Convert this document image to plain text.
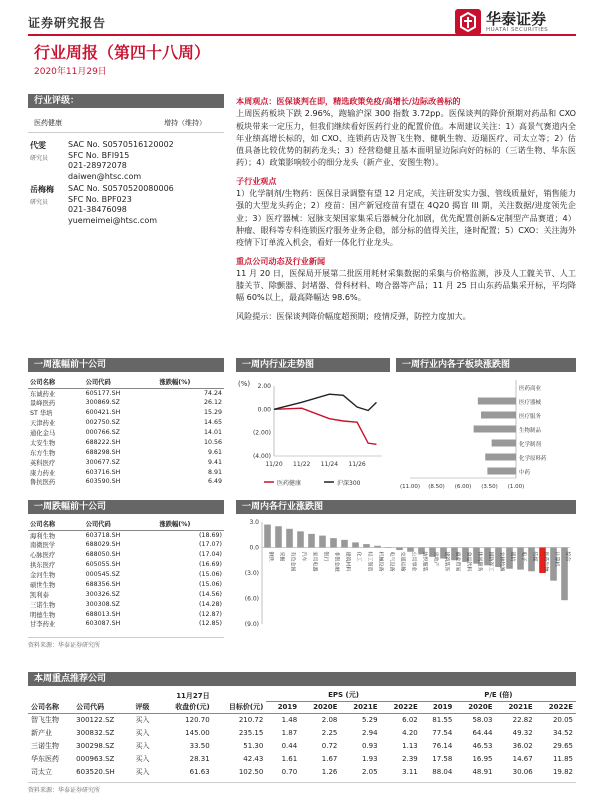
证券研究报告	华泰证券
HUATAI SECURITIES
行业周报（第四十八周）
2020年11月29日
行业评级：
医药健康	增持（维持）
代雯
研究员
SAC No. S0570516120002
SFC No. BFI915
021-28972078
daiwen@htsc.com
岳梅梅
研究员
SAC No. S0570520080006
SFC No. BPF023
021-38476098
yuemeimei@htsc.com
本周观点：医保谈判在即，精选政策免疫/高增长/边际改善标的
上周医药板块下跌 2.96%，跑输沪深 300 指数 3.72pp。医保谈判的降价预期对药品和 CXO 板块带来一定压力，但我们继续看好医药行业的配置价值。本周建议关注：1）高景气赛道内全年业绩高增长标的，如 CXO、连锁药店及智飞生物、健帆生物、迈瑞医疗、司太立等；2）估值具备比较优势的制药龙头；3）经营稳健且基本面明显边际向好的标的（三诺生物、华东医药）；4）政策影响较小的细分龙头（新产业、安图生物）。
子行业观点
1）化学制剂/生物药：医保目录调整有望 12 月定成，关注研发实力强、管线质量好，销售能力强的大型龙头药企；2）疫苗：国产新冠疫苗有望在 4Q20 揭盲 III 期，关注数据/进度领先企业；3）医疗器械：冠脉支架国家集采后器械分化加剧，优先配置创新&定制型产品赛道；4）肿瘤、眼科等专科连锁医疗服务业务企稳，部分标的值得关注，逢时配置；5）CXO：关注海外疫情下订单流入机会，看好一体化行业龙头。
重点公司动态及行业新闻
11 月 20 日，医保局开展第二批医用耗材采集数据的采集与价格监测，涉及人工髋关节、人工膝关节、除颤器、封堵器、骨科材料、吻合器等产品；11 月 25 日山东药品集采开标，平均降幅 60%以上，最高降幅达 98.6%。
风险提示：医保谈判降价幅度超预期；疫情反弹，防控力度加大。
一周涨幅前十公司
公司名称	公司代码	涨跌幅(%)
东诚药业	605177.SH	74.24
景峰医药	300869.SZ	26.12
ST 华培	600421.SH	15.29
天津药业	002750.SZ	14.65
通化金马	000766.SZ	14.01
太安生物	688222.SH	10.56
东方生物	688298.SH	9.61
英科医疗	300677.SZ	9.41
康力药业	603716.SH	8.91
鲁抗医药	603590.SH	6.49
一周跌幅前十公司
公司名称	公司代码	涨跌幅(%)
海利生物	603718.SH	(18.69)
南微医学	688029.SH	(17.07)
心脉医疗	688050.SH	(17.04)
拱东医疗	605055.SH	(16.69)
金河生物	000545.SZ	(15.06)
硕世生物	688356.SH	(15.06)
凯利泰	300326.SZ	(14.56)
三诺生物	300308.SZ	(14.28)
明德生物	688013.SH	(12.87)
甘李药业	603087.SH	(12.85)
资料来源：华泰证券研究所
一周内行业走势图
(%)
医药健康	沪深300
2.00
0.00
(2.00)
(4.00)
11/20 11/22 11/24 11/26
一周行业内各子板块涨跌图
医药商业
医疗器械
医疗服务
生物制品
化学制剂
化学原料药
中药
(11.00) (8.50) (6.00) (3.50) (1.00)
一周内各行业涨跌图
3.0
0.0
(3.0)
(6.0)
(9.0)
钢铁 采掘 有色金属 汽车 家用电器 银行 非银金融 建筑材料 化工 轻工制造 机械设备 电气设备 交通运输 公用事业 纺织服装 房地产 建筑装饰 商业贸易 食品饮料 休闲服务 国防军工 农林牧渔 通信 电子 传媒 医药生物 计算机 综合
本周重点推荐公司
			11月27日		EPS (元)				P/E (倍)			
公司名称	公司代码	评级	收盘价(元)	目标价(元)	2019	2020E	2021E	2022E	2019	2020E	2021E	2022E
智飞生物	300122.SZ	买入	120.70	210.72	1.48	2.08	5.29	6.02	81.55	58.03	22.82	20.05
新产业	300832.SZ	买入	145.00	235.15	1.87	2.25	2.94	4.20	77.54	64.44	49.32	34.52
三诺生物	300298.SZ	买入	33.50	51.30	0.44	0.72	0.93	1.13	76.14	46.53	36.02	29.65
华东医药	000963.SZ	买入	28.31	42.43	1.61	1.67	1.93	2.39	17.58	16.95	14.67	11.85
司太立	603520.SH	买入	61.63	102.50	0.70	1.26	2.05	3.11	88.04	48.91	30.06	19.82
资料来源：华泰证券研究所
